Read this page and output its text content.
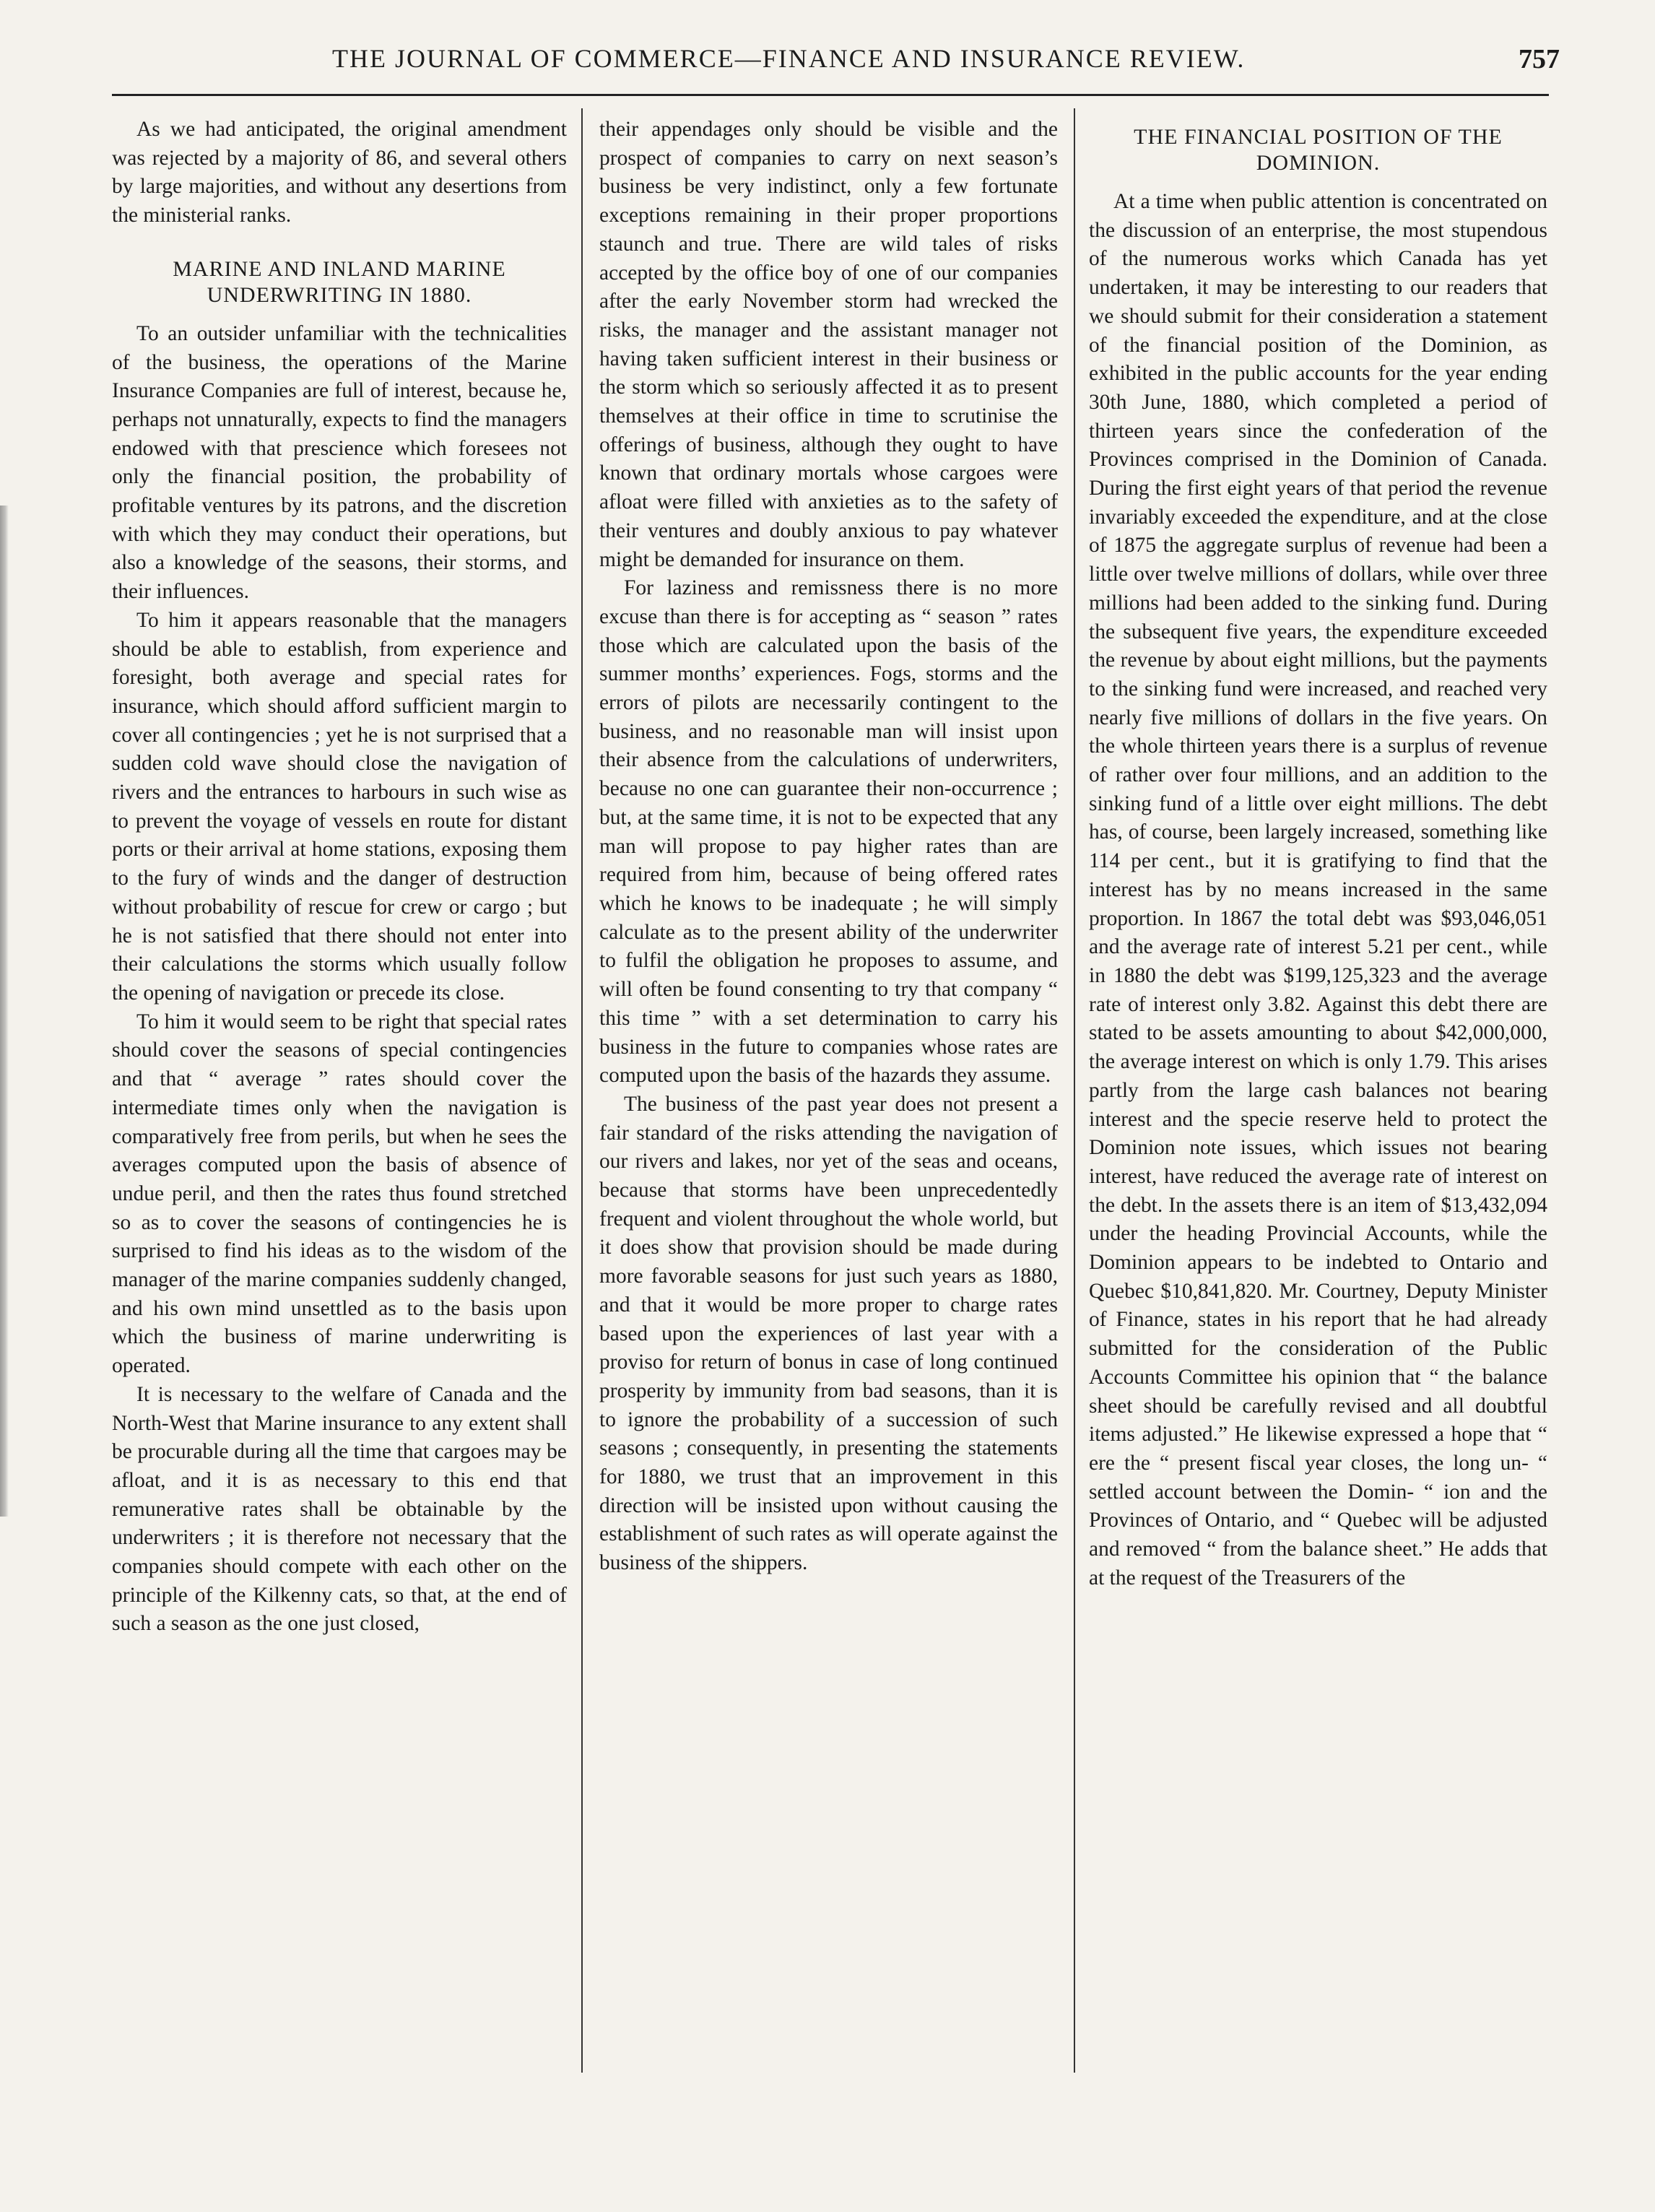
THE JOURNAL OF COMMERCE—FINANCE AND INSURANCE REVIEW.	757

As we had anticipated, the original amendment was rejected by a majority of 86, and several others by large majorities, and without any desertions from the ministerial ranks.

MARINE AND INLAND MARINE UNDERWRITING IN 1880.

To an outsider unfamiliar with the technicalities of the business, the operations of the Marine Insurance Companies are full of interest, because he, perhaps not unnaturally, expects to find the managers endowed with that prescience which foresees not only the financial position, the probability of profitable ventures by its patrons, and the discretion with which they may conduct their operations, but also a knowledge of the seasons, their storms, and their influences.

To him it appears reasonable that the managers should be able to establish, from experience and foresight, both average and special rates for insurance, which should afford sufficient margin to cover all contingencies ; yet he is not surprised that a sudden cold wave should close the navigation of rivers and the entrances to harbours in such wise as to prevent the voyage of vessels en route for distant ports or their arrival at home stations, exposing them to the fury of winds and the danger of destruction without probability of rescue for crew or cargo ; but he is not satisfied that there should not enter into their calculations the storms which usually follow the opening of navigation or precede its close.

To him it would seem to be right that special rates should cover the seasons of special contingencies and that “ average ” rates should cover the intermediate times only when the navigation is comparatively free from perils, but when he sees the averages computed upon the basis of absence of undue peril, and then the rates thus found stretched so as to cover the seasons of contingencies he is surprised to find his ideas as to the wisdom of the manager of the marine companies suddenly changed, and his own mind unsettled as to the basis upon which the business of marine underwriting is operated.

It is necessary to the welfare of Canada and the North-West that Marine insurance to any extent shall be procurable during all the time that cargoes may be afloat, and it is as necessary to this end that remunerative rates shall be obtainable by the underwriters ; it is therefore not necessary that the companies should compete with each other on the principle of the Kilkenny cats, so that, at the end of such a season as the one just closed,

their appendages only should be visible and the prospect of companies to carry on next season’s business be very indistinct, only a few fortunate exceptions remaining in their proper proportions staunch and true. There are wild tales of risks accepted by the office boy of one of our companies after the early November storm had wrecked the risks, the manager and the assistant manager not having taken sufficient interest in their business or the storm which so seriously affected it as to present themselves at their office in time to scrutinise the offerings of business, although they ought to have known that ordinary mortals whose cargoes were afloat were filled with anxieties as to the safety of their ventures and doubly anxious to pay whatever might be demanded for insurance on them.

For laziness and remissness there is no more excuse than there is for accepting as “ season ” rates those which are calculated upon the basis of the summer months’ experiences. Fogs, storms and the errors of pilots are necessarily contingent to the business, and no reasonable man will insist upon their absence from the calculations of underwriters, because no one can guarantee their non-occurrence ; but, at the same time, it is not to be expected that any man will propose to pay higher rates than are required from him, because of being offered rates which he knows to be inadequate ; he will simply calculate as to the present ability of the underwriter to fulfil the obligation he proposes to assume, and will often be found consenting to try that company “ this time ” with a set determination to carry his business in the future to companies whose rates are computed upon the basis of the hazards they assume.

The business of the past year does not present a fair standard of the risks attending the navigation of our rivers and lakes, nor yet of the seas and oceans, because that storms have been unprecedentedly frequent and violent throughout the whole world, but it does show that provision should be made during more favorable seasons for just such years as 1880, and that it would be more proper to charge rates based upon the experiences of last year with a proviso for return of bonus in case of long continued prosperity by immunity from bad seasons, than it is to ignore the probability of a succession of such seasons ; consequently, in presenting the statements for 1880, we trust that an improvement in this direction will be insisted upon without causing the establishment of such rates as will operate against the business of the shippers.

THE FINANCIAL POSITION OF THE DOMINION.

At a time when public attention is concentrated on the discussion of an enterprise, the most stupendous of the numerous works which Canada has yet undertaken, it may be interesting to our readers that we should submit for their consideration a statement of the financial position of the Dominion, as exhibited in the public accounts for the year ending 30th June, 1880, which completed a period of thirteen years since the confederation of the Provinces comprised in the Dominion of Canada. During the first eight years of that period the revenue invariably exceeded the expenditure, and at the close of 1875 the aggregate surplus of revenue had been a little over twelve millions of dollars, while over three millions had been added to the sinking fund. During the subsequent five years, the expenditure exceeded the revenue by about eight millions, but the payments to the sinking fund were increased, and reached very nearly five millions of dollars in the five years. On the whole thirteen years there is a surplus of revenue of rather over four millions, and an addition to the sinking fund of a little over eight millions. The debt has, of course, been largely increased, something like 114 per cent., but it is gratifying to find that the interest has by no means increased in the same proportion. In 1867 the total debt was $93,046,051 and the average rate of interest 5.21 per cent., while in 1880 the debt was $199,125,323 and the average rate of interest only 3.82. Against this debt there are stated to be assets amounting to about $42,000,000, the average interest on which is only 1.79. This arises partly from the large cash balances not bearing interest and the specie reserve held to protect the Dominion note issues, which issues not bearing interest, have reduced the average rate of interest on the debt. In the assets there is an item of $13,432,094 under the heading Provincial Accounts, while the Dominion appears to be indebted to Ontario and Quebec $10,841,820. Mr. Courtney, Deputy Minister of Finance, states in his report that he had already submitted for the consideration of the Public Accounts Committee his opinion that “ the balance sheet should be carefully revised and all doubtful items adjusted.” He likewise expressed a hope that “ ere the “ present fiscal year closes, the long un- “ settled account between the Domin- “ ion and the Provinces of Ontario, and “ Quebec will be adjusted and removed “ from the balance sheet.” He adds that at the request of the Treasurers of the
